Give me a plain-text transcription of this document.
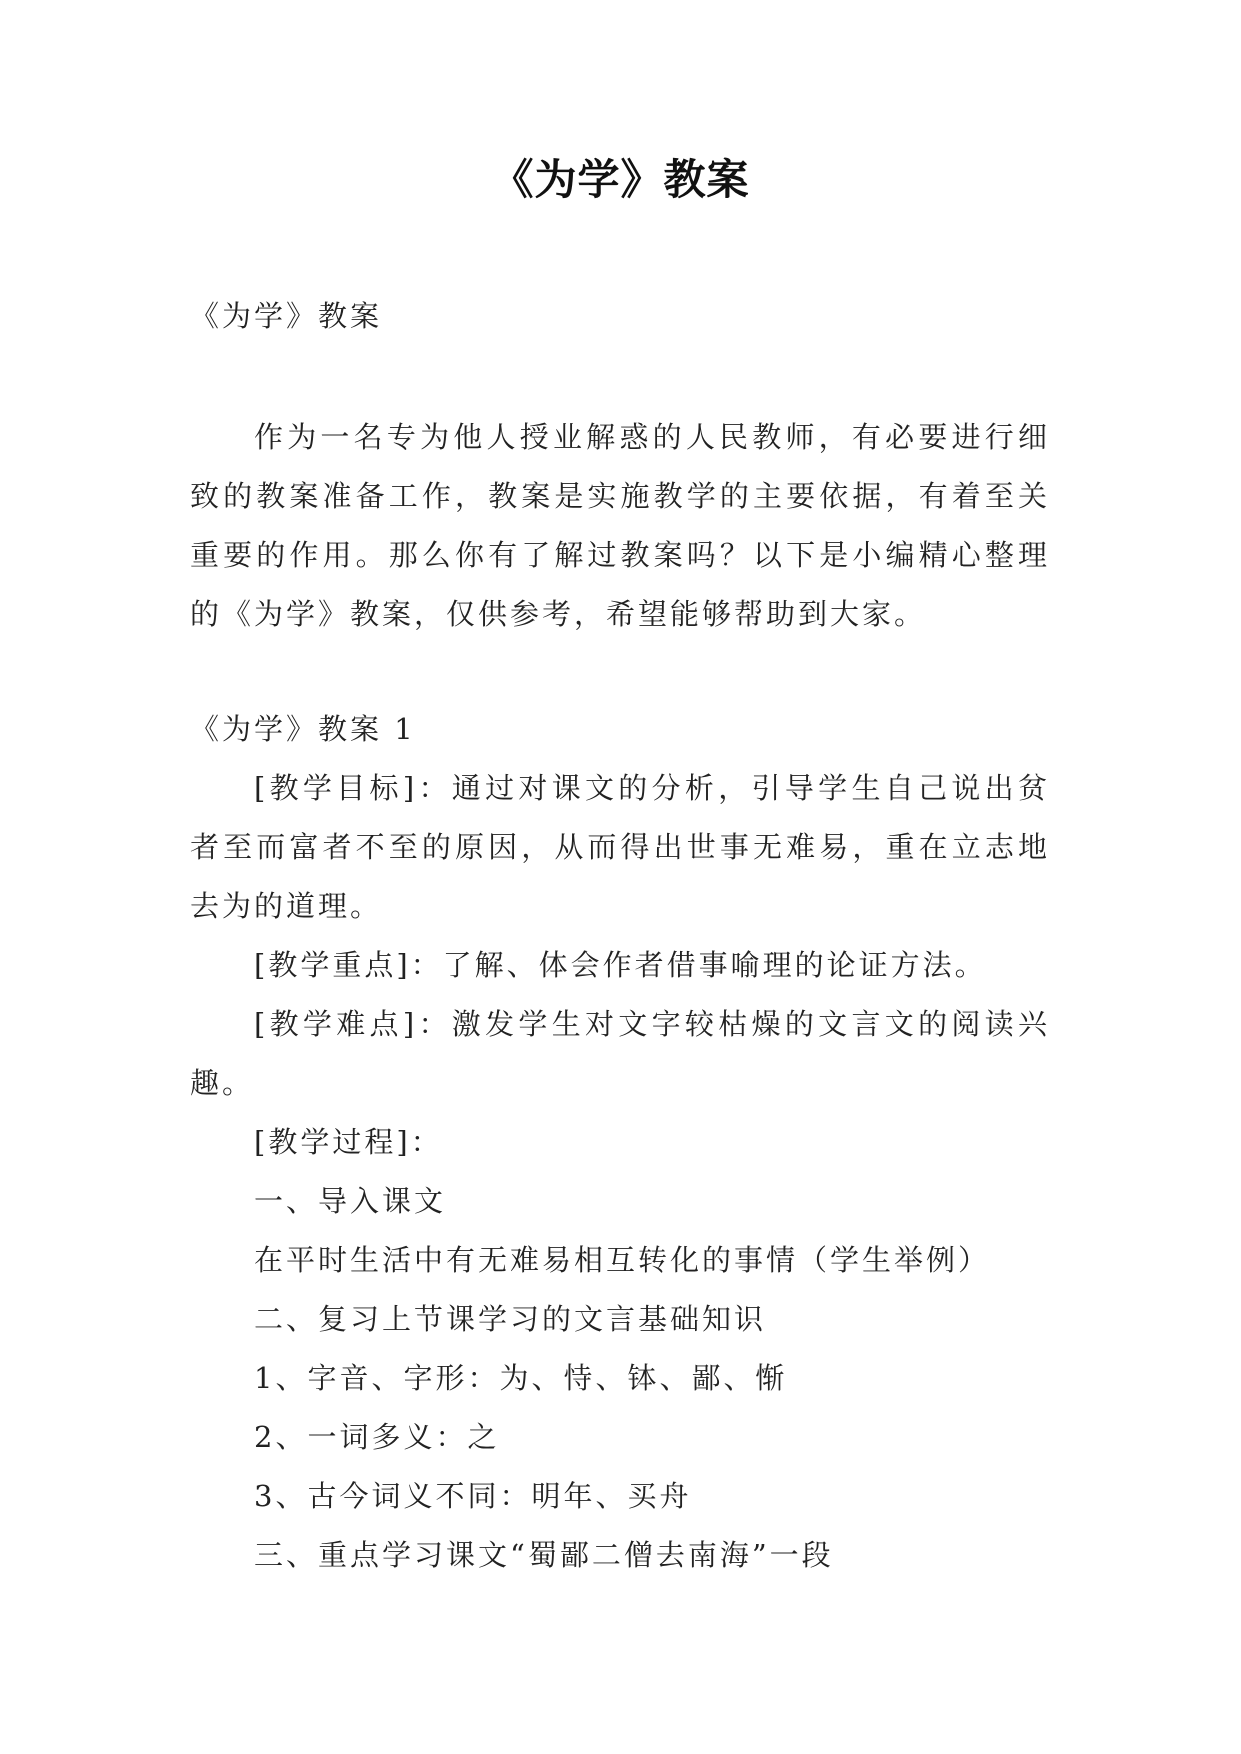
《为学》教案

《为学》教案

作为一名专为他人授业解惑的人民教师，有必要进行细致的教案准备工作，教案是实施教学的主要依据，有着至关重要的作用。那么你有了解过教案吗？以下是小编精心整理的《为学》教案，仅供参考，希望能够帮助到大家。

《为学》教案 1
[教学目标]：通过对课文的分析，引导学生自己说出贫者至而富者不至的原因，从而得出世事无难易，重在立志地去为的道理。
[教学重点]：了解、体会作者借事喻理的论证方法。
[教学难点]：激发学生对文字较枯燥的文言文的阅读兴趣。
[教学过程]：
一、导入课文
在平时生活中有无难易相互转化的事情（学生举例）
二、复习上节课学习的文言基础知识
1、字音、字形：为、恃、钵、鄙、惭
2、一词多义：之
3、古今词义不同：明年、买舟
三、重点学习课文“蜀鄙二僧去南海”一段
